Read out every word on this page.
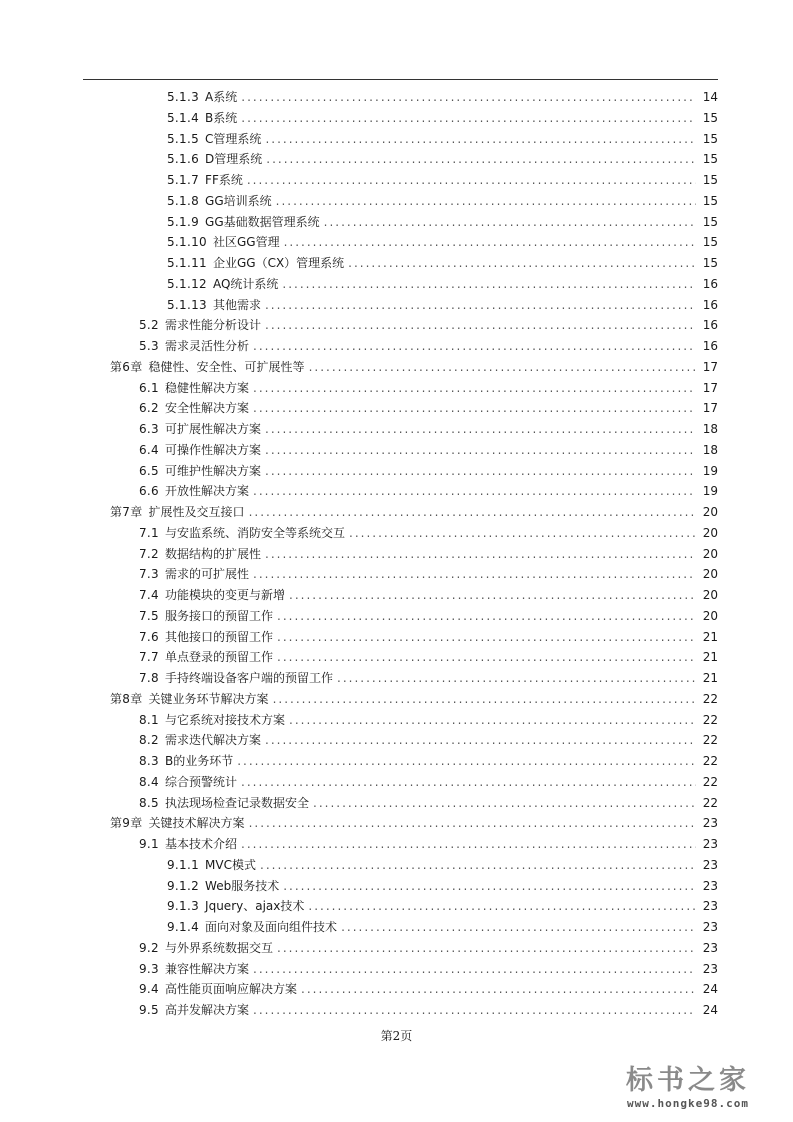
5.1.3 A系统 .....	14
5.1.4 B系统 .....	15
5.1.5 C管理系统 .....	15
5.1.6 D管理系统 .....	15
5.1.7 FF系统 .....	15
5.1.8 GG培训系统 .....	15
5.1.9 GG基础数据管理系统 .....	15
5.1.10 社区GG管理 .....	15
5.1.11 企业GG（CX）管理系统 .....	15
5.1.12 AQ统计系统 .....	16
5.1.13 其他需求 .....	16
5.2 需求性能分析设计 .....	16
5.3 需求灵活性分析 .....	16
第6章 稳健性、安全性、可扩展性等 .....	17
6.1 稳健性解决方案 .....	17
6.2 安全性解决方案 .....	17
6.3 可扩展性解决方案 .....	18
6.4 可操作性解决方案 .....	18
6.5 可维护性解决方案 .....	19
6.6 开放性解决方案 .....	19
第7章 扩展性及交互接口 .....	20
7.1 与安监系统、消防安全等系统交互 .....	20
7.2 数据结构的扩展性 .....	20
7.3 需求的可扩展性 .....	20
7.4 功能模块的变更与新增 .....	20
7.5 服务接口的预留工作 .....	20
7.6 其他接口的预留工作 .....	21
7.7 单点登录的预留工作 .....	21
7.8 手持终端设备客户端的预留工作 .....	21
第8章 关键业务环节解决方案 .....	22
8.1 与它系统对接技术方案 .....	22
8.2 需求迭代解决方案 .....	22
8.3 B的业务环节 .....	22
8.4 综合预警统计 .....	22
8.5 执法现场检查记录数据安全 .....	22
第9章 关键技术解决方案 .....	23
9.1 基本技术介绍 .....	23
9.1.1 MVC模式 .....	23
9.1.2 Web服务技术 .....	23
9.1.3 Jquery、ajax技术 .....	23
9.1.4 面向对象及面向组件技术 .....	23
9.2 与外界系统数据交互 .....	23
9.3 兼容性解决方案 .....	23
9.4 高性能页面响应解决方案 .....	24
9.5 高并发解决方案 .....	24
第2页
标书之家
www.hongke98.com
